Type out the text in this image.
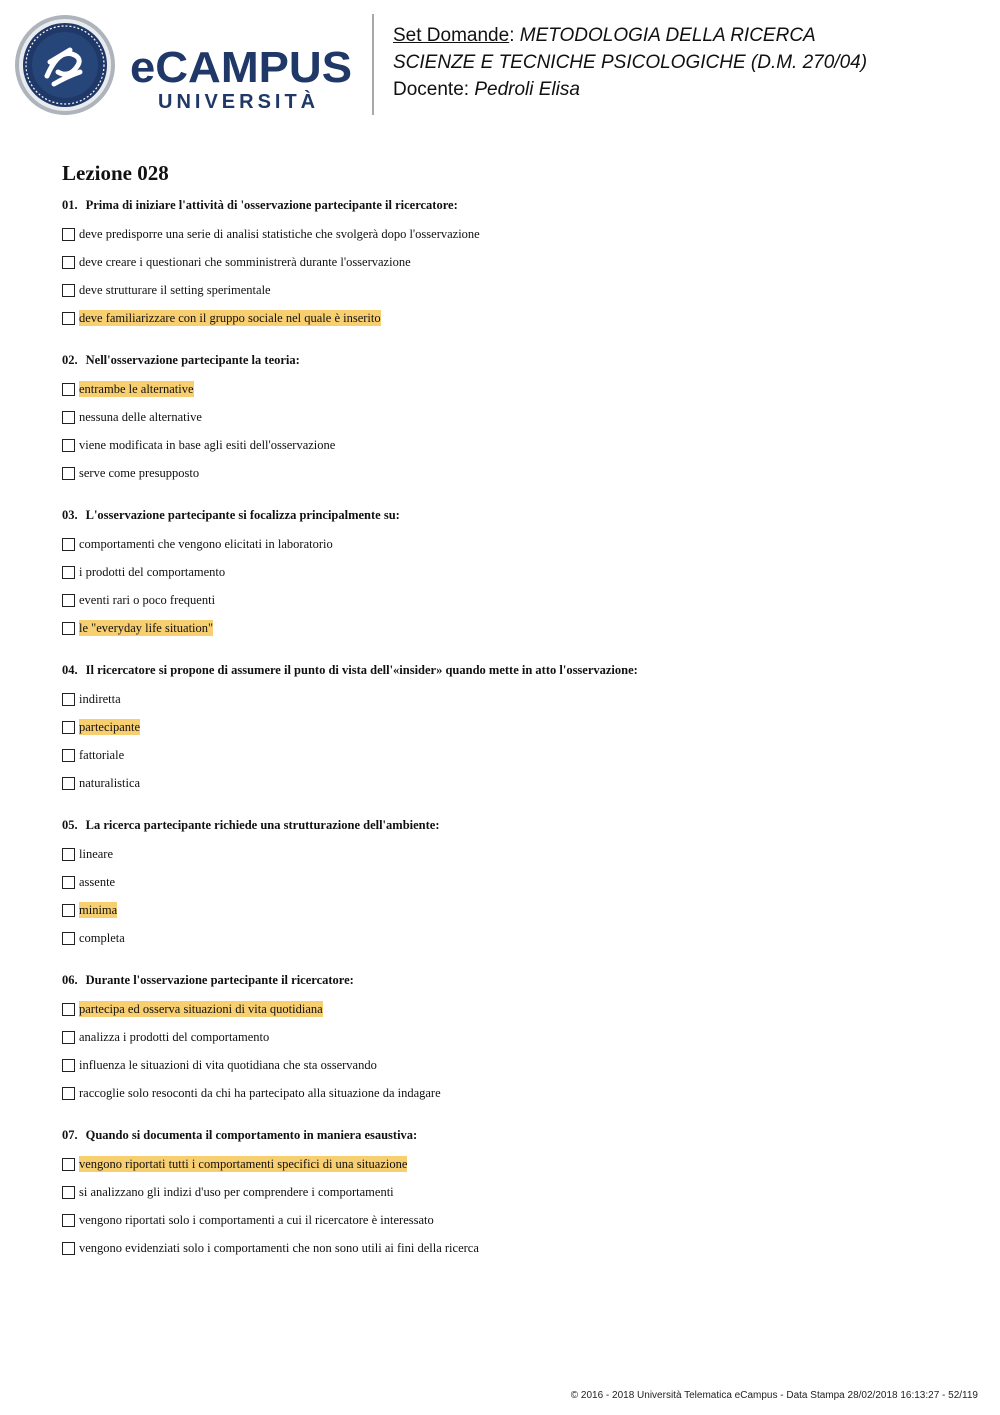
eCAMPUS
UNIVERSITÀ
Set Domande: METODOLOGIA DELLA RICERCA
SCIENZE E TECNICHE PSICOLOGICHE (D.M. 270/04)
Docente: Pedroli Elisa
Lezione 028
01. Prima di iniziare l'attività di 'osservazione partecipante il ricercatore:
deve predisporre una serie di analisi statistiche che svolgerà dopo l'osservazione
deve creare i questionari che somministrerà durante l'osservazione
deve strutturare il setting sperimentale
deve familiarizzare con il gruppo sociale nel quale è inserito
02. Nell'osservazione partecipante la teoria:
entrambe le alternative
nessuna delle alternative
viene modificata in base agli esiti dell'osservazione
serve come presupposto
03. L'osservazione partecipante si focalizza principalmente su:
comportamenti che vengono elicitati in laboratorio
i prodotti del comportamento
eventi rari o poco frequenti
le "everyday life situation"
04. Il ricercatore si propone di assumere il punto di vista dell'«insider» quando mette in atto l'osservazione:
indiretta
partecipante
fattoriale
naturalistica
05. La ricerca partecipante richiede una strutturazione dell'ambiente:
lineare
assente
minima
completa
06. Durante l'osservazione partecipante il ricercatore:
partecipa ed osserva situazioni di vita quotidiana
analizza i prodotti del comportamento
influenza le situazioni di vita quotidiana che sta osservando
raccoglie solo resoconti da chi ha partecipato alla situazione da indagare
07. Quando si documenta il comportamento in maniera esaustiva:
vengono riportati tutti i comportamenti specifici di una situazione
si analizzano gli indizi d'uso per comprendere i comportamenti
vengono riportati solo i comportamenti a cui il ricercatore è interessato
vengono evidenziati solo i comportamenti che non sono utili ai fini della ricerca
© 2016 - 2018 Università Telematica eCampus - Data Stampa 28/02/2018 16:13:27 - 52/119
